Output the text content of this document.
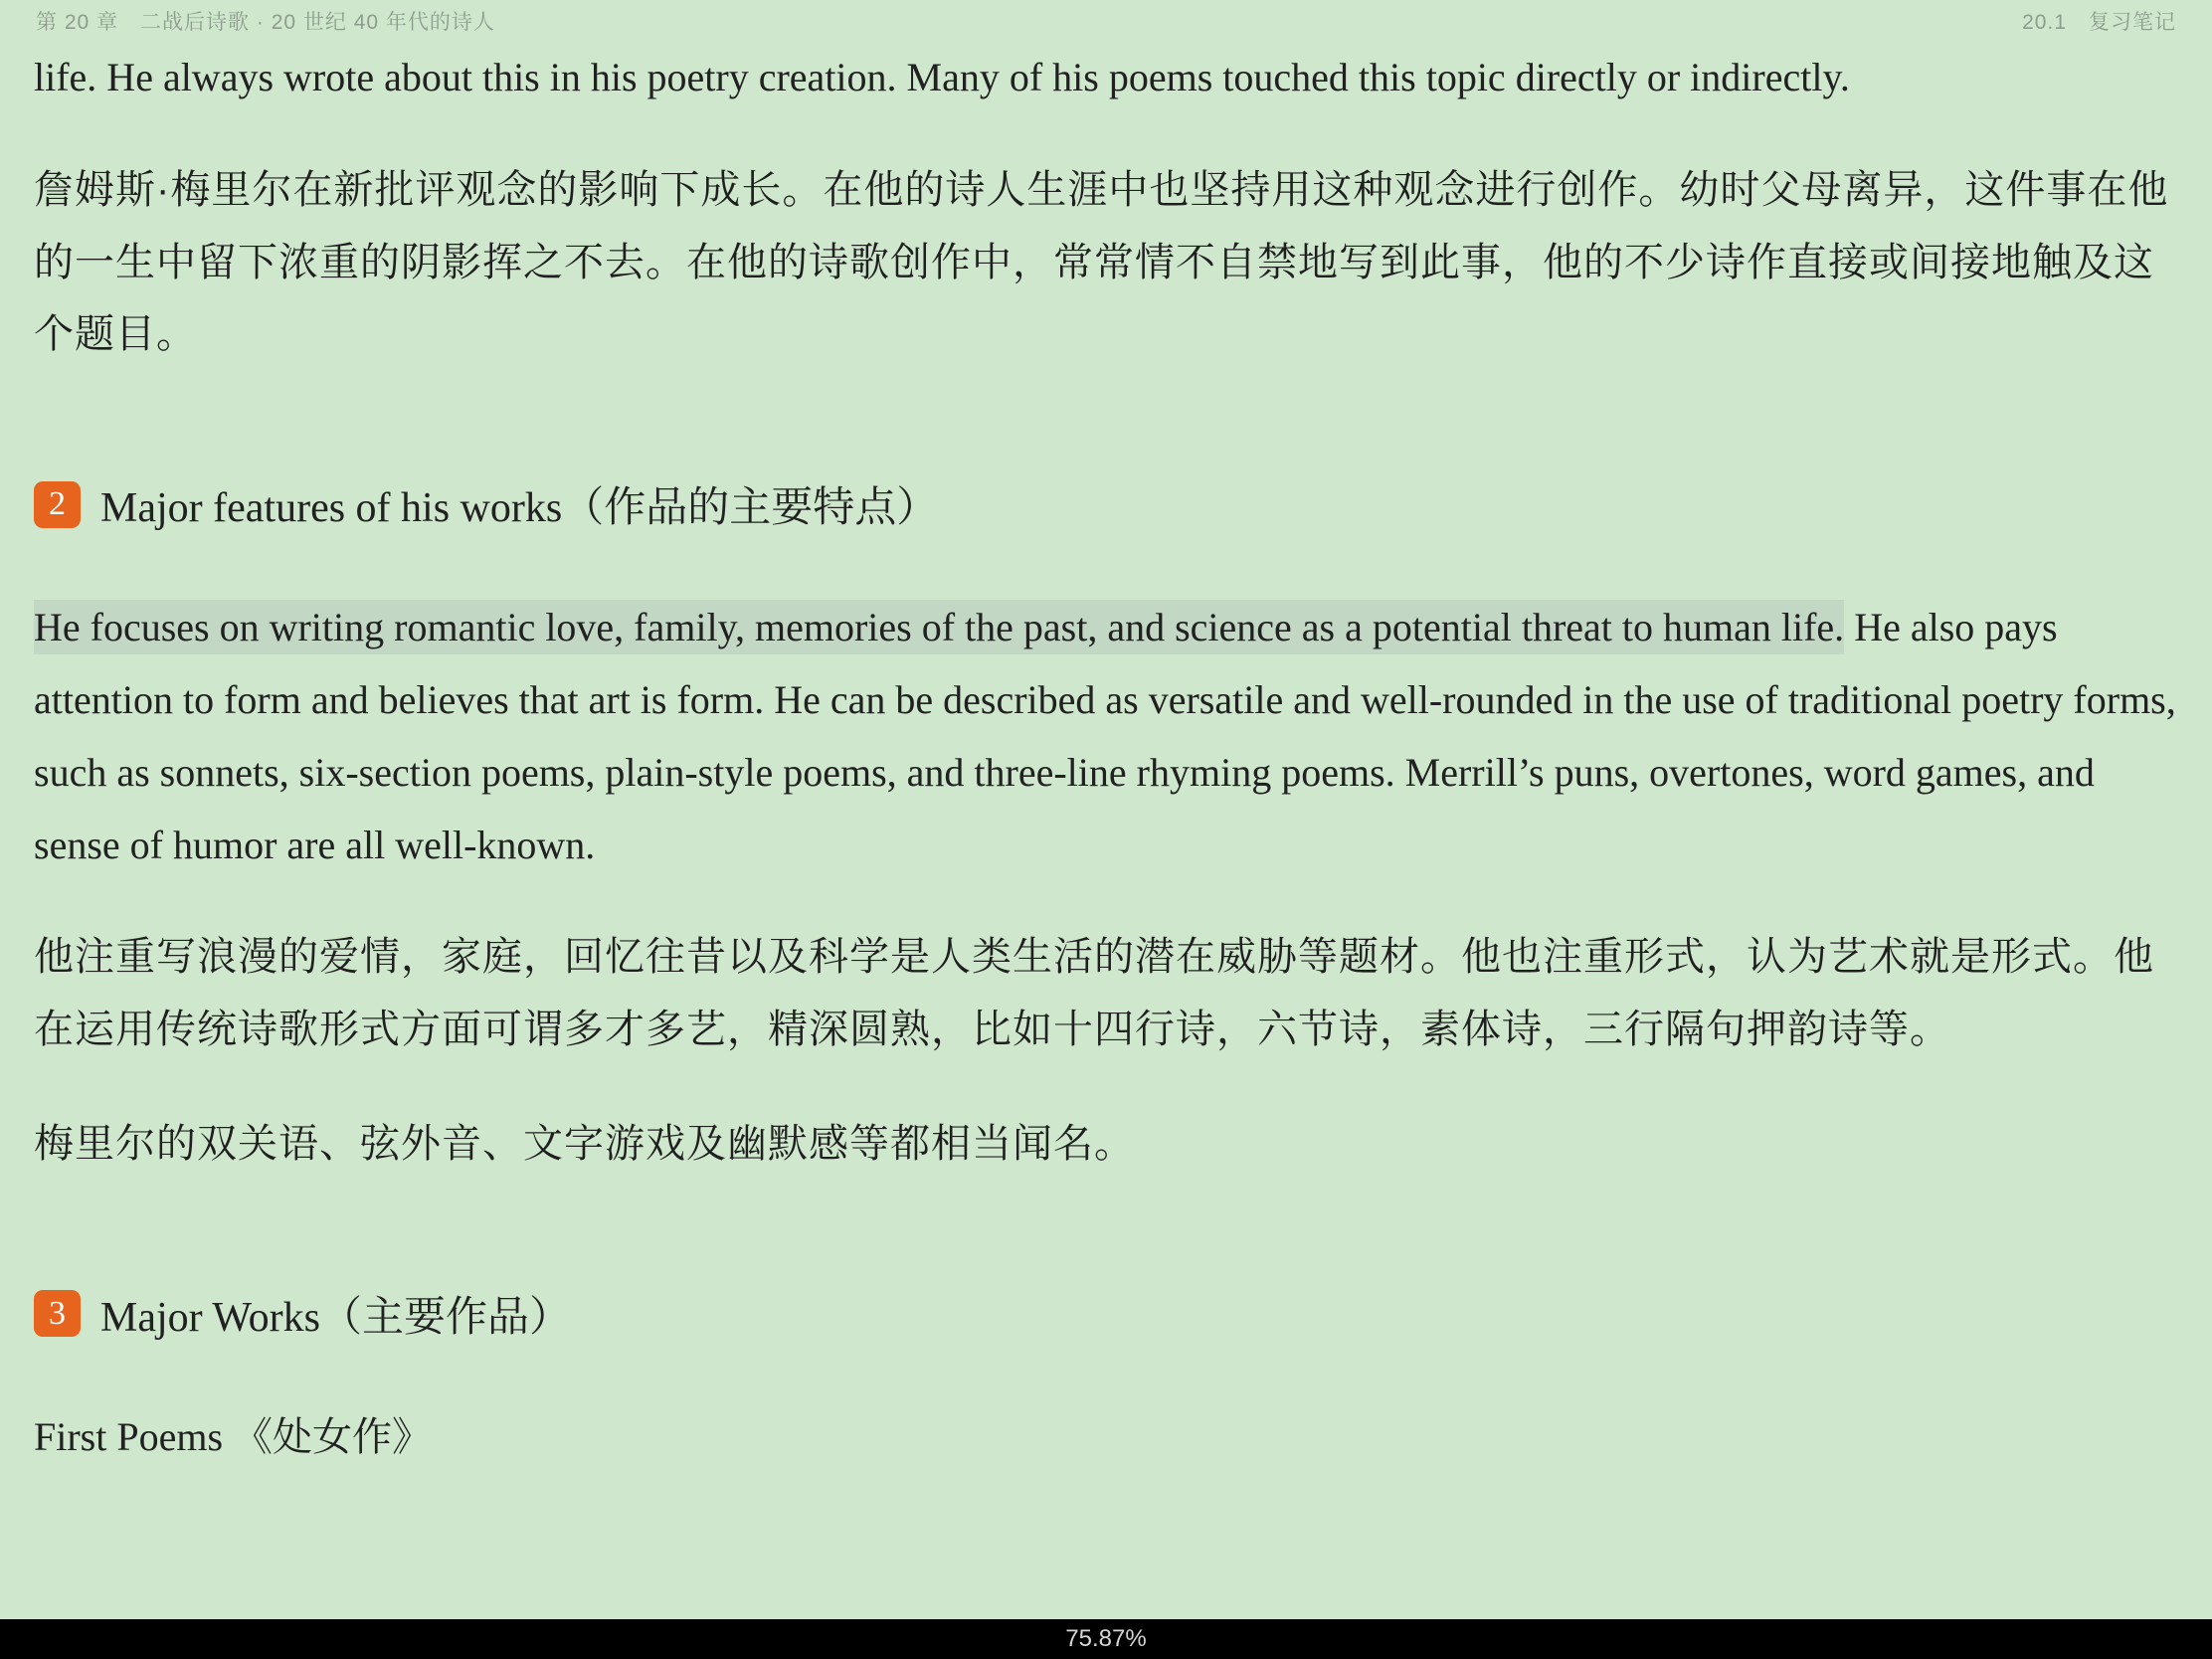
第 20 章　二战后诗歌 · 20 世纪 40 年代的诗人	20.1　复习笔记

life. He always wrote about this in his poetry creation. Many of his poems touched this topic directly or indirectly.

詹姆斯·梅里尔在新批评观念的影响下成长。在他的诗人生涯中也坚持用这种观念进行创作。幼时父母离异，这件事在他的一生中留下浓重的阴影挥之不去。在他的诗歌创作中，常常情不自禁地写到此事，他的不少诗作直接或间接地触及这个题目。

2 Major features of his works（作品的主要特点）

He focuses on writing romantic love, family, memories of the past, and science as a potential threat to human life. He also pays attention to form and believes that art is form. He can be described as versatile and well-rounded in the use of traditional poetry forms, such as sonnets, six-section poems, plain-style poems, and three-line rhyming poems. Merrill’s puns, overtones, word games, and sense of humor are all well-known.

他注重写浪漫的爱情，家庭，回忆往昔以及科学是人类生活的潜在威胁等题材。他也注重形式，认为艺术就是形式。他在运用传统诗歌形式方面可谓多才多艺，精深圆熟，比如十四行诗，六节诗，素体诗，三行隔句押韵诗等。

梅里尔的双关语、弦外音、文字游戏及幽默感等都相当闻名。

3 Major Works（主要作品）

First Poems 《处女作》

75.87%
